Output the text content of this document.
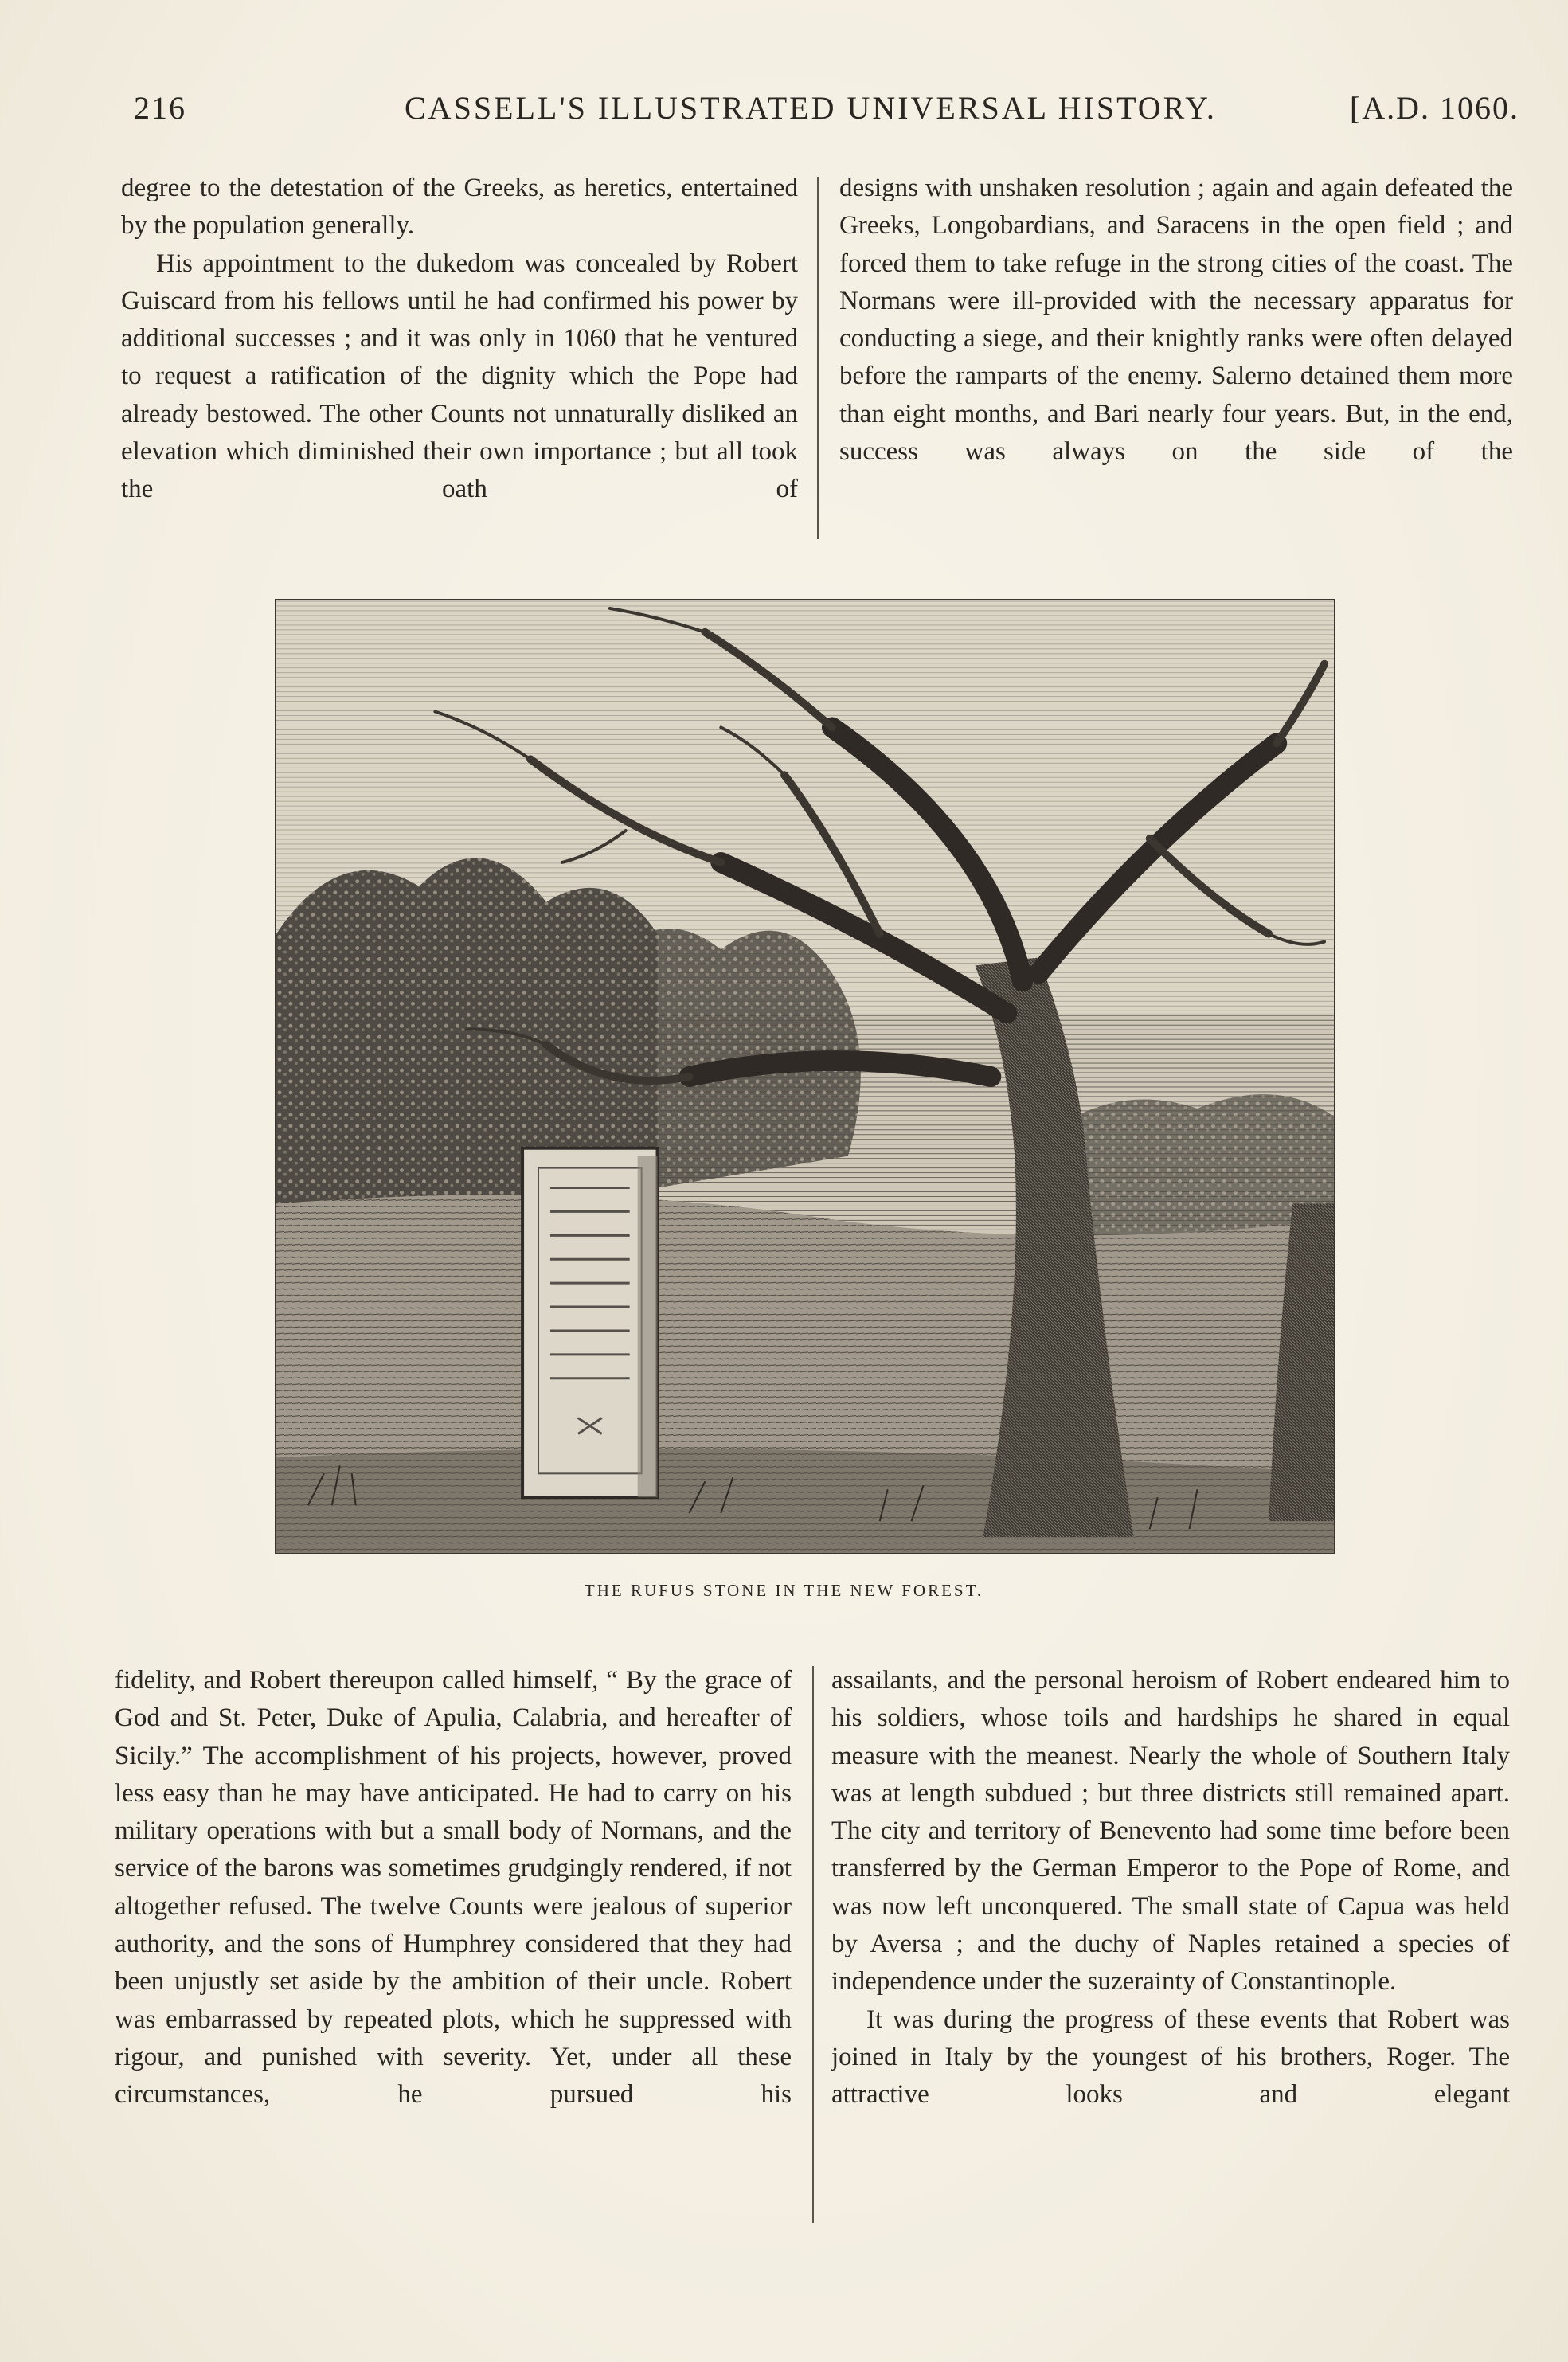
216	CASSELL'S ILLUSTRATED UNIVERSAL HISTORY.	[A.D. 1060.

degree to the detestation of the Greeks, as heretics, entertained by the population generally.

His appointment to the dukedom was concealed by Robert Guiscard from his fellows until he had confirmed his power by additional successes ; and it was only in 1060 that he ventured to request a ratification of the dignity which the Pope had already bestowed. The other Counts not unnaturally disliked an elevation which diminished their own importance ; but all took the oath of

designs with unshaken resolution ; again and again defeated the Greeks, Longobardians, and Saracens in the open field ; and forced them to take refuge in the strong cities of the coast. The Normans were ill-provided with the necessary apparatus for conducting a siege, and their knightly ranks were often delayed before the ramparts of the enemy. Salerno detained them more than eight months, and Bari nearly four years. But, in the end, success was always on the side of the

THE RUFUS STONE IN THE NEW FOREST.

fidelity, and Robert thereupon called himself, “ By the grace of God and St. Peter, Duke of Apulia, Calabria, and hereafter of Sicily.” The accomplishment of his projects, however, proved less easy than he may have anticipated. He had to carry on his military operations with but a small body of Normans, and the service of the barons was sometimes grudgingly rendered, if not altogether refused. The twelve Counts were jealous of superior authority, and the sons of Humphrey considered that they had been unjustly set aside by the ambition of their uncle. Robert was embarrassed by repeated plots, which he suppressed with rigour, and punished with severity. Yet, under all these circumstances, he pursued his

assailants, and the personal heroism of Robert endeared him to his soldiers, whose toils and hardships he shared in equal measure with the meanest. Nearly the whole of Southern Italy was at length subdued ; but three districts still remained apart. The city and territory of Benevento had some time before been transferred by the German Emperor to the Pope of Rome, and was now left unconquered. The small state of Capua was held by Aversa ; and the duchy of Naples retained a species of independence under the suzerainty of Constantinople.

It was during the progress of these events that Robert was joined in Italy by the youngest of his brothers, Roger. The attractive looks and elegant
